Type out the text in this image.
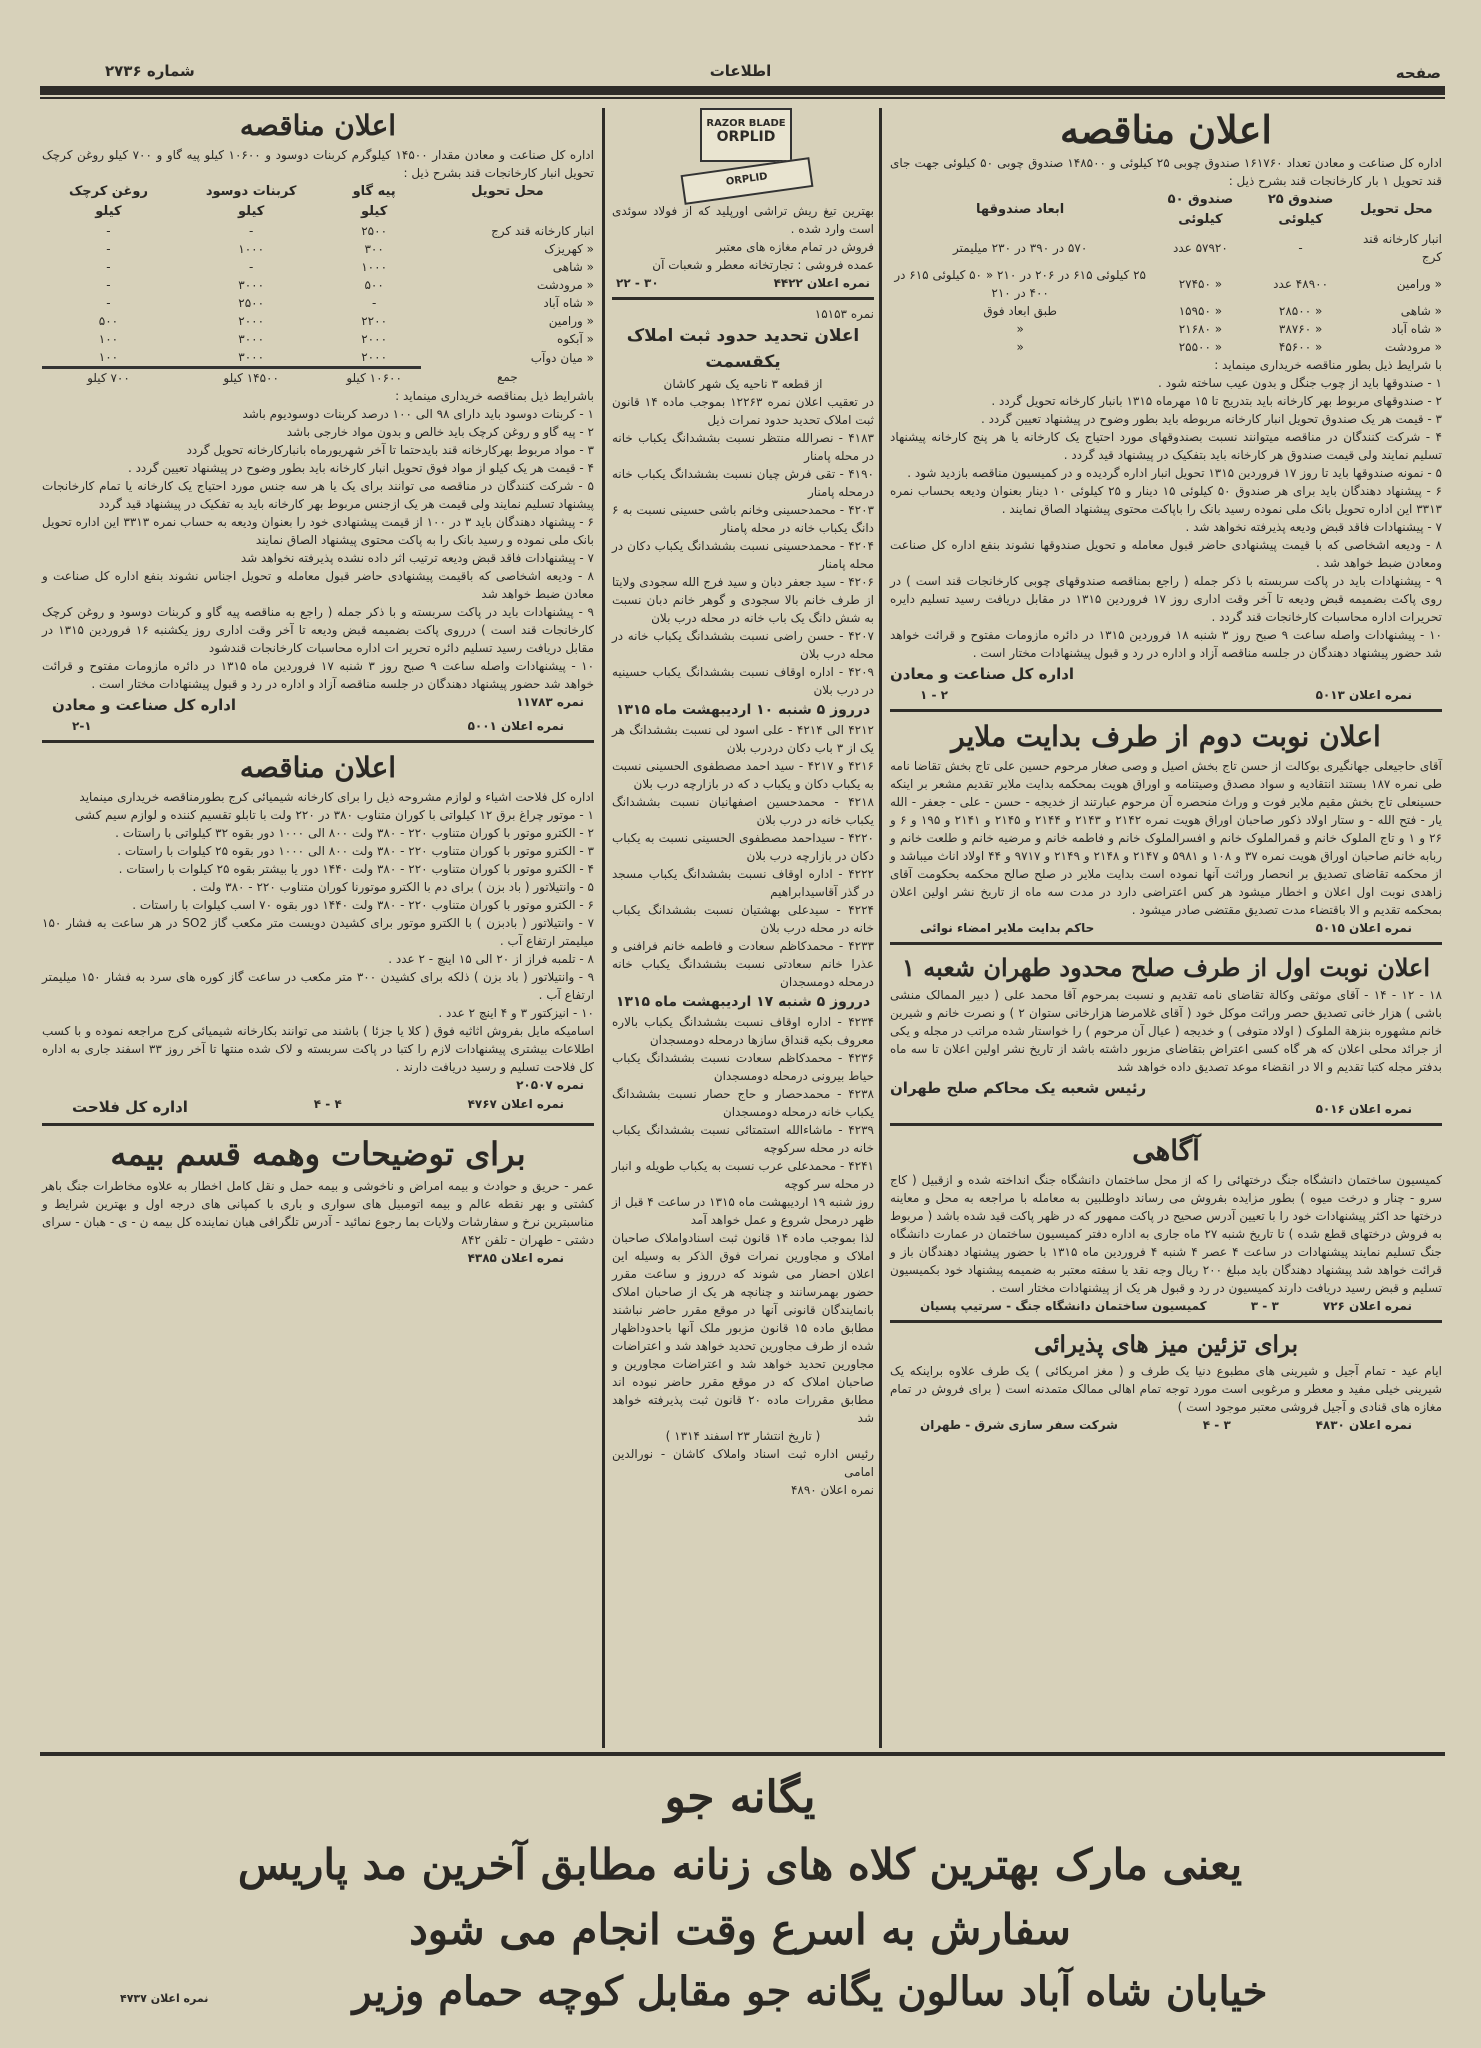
صفحه
اطلاعات
شماره ۲۷۳۶
اعلان مناقصه

اداره کل صناعت و معادن تعداد ۱۶۱۷۶۰ صندوق چوبی ۲۵ کیلوئی و ۱۴۸۵۰۰ صندوق چوبی ۵۰ کیلوئی جهت جای قند تحویل ۱ بار کارخانجات قند بشرح ذیل :

محل تحویل	صندوق ۲۵ کیلوئی	صندوق ۵۰ کیلوئی	ابعاد صندوقها
انبار کارخانه قند کرج	-	۵۷۹۲۰ عدد	۵۷۰ در ۳۹۰ در ۲۳۰ میلیمتر
« ورامین	۴۸۹۰۰ عدد	« ۲۷۴۵۰	۲۵ کیلوئی ۶۱۵ در ۲۰۶ در ۲۱۰ « ۵۰ کیلوئی ۶۱۵ در ۴۰۰ در ۲۱۰
« شاهی	« ۲۸۵۰۰	« ۱۵۹۵۰	طبق ابعاد فوق
« شاه آباد	« ۳۸۷۶۰	« ۲۱۶۸۰	«
« مرودشت	« ۴۵۶۰۰	« ۲۵۵۰۰	«

با شرایط ذیل بطور مناقصه خریداری مینماید :

۱ - صندوقها باید از چوب جنگل و بدون عیب ساخته شود .

۲ - صندوقهای مربوط بهر کارخانه باید بتدریج تا ۱۵ مهرماه ۱۳۱۵ بانبار کارخانه تحویل گردد .

۳ - قیمت هر یک صندوق تحویل انبار کارخانه مربوطه باید بطور وضوح در پیشنهاد تعیین گردد .

۴ - شرکت کنندگان در مناقصه میتوانند نسبت بصندوقهای مورد احتیاج یک کارخانه یا هر پنج کارخانه پیشنهاد تسلیم نمایند ولی قیمت صندوق هر کارخانه باید بتفکیک در پیشنهاد قید گردد .

۵ - نمونه صندوقها باید تا روز ۱۷ فروردین ۱۳۱۵ تحویل انبار اداره گردیده و در کمیسیون مناقصه بازدید شود .

۶ - پیشنهاد دهندگان باید برای هر صندوق ۵۰ کیلوئی ۱۵ دینار و ۲۵ کیلوئی ۱۰ دینار بعنوان ودیعه بحساب نمره ۳۳۱۳ این اداره تحویل بانک ملی نموده رسید بانک را باپاکت محتوی پیشنهاد الصاق نمایند .

۷ - پیشنهادات فاقد قبض ودیعه پذیرفته نخواهد شد .

۸ - ودیعه اشخاصی که با قیمت پیشنهادی حاضر قبول معامله و تحویل صندوقها نشوند بنفع اداره کل صناعت ومعادن ضبط خواهد شد .

۹ - پیشنهادات باید در پاکت سربسته با ذکر جمله ( راجع بمناقصه صندوقهای چوبی کارخانجات قند است ) در روی پاکت بضمیمه قبض ودیعه تا آخر وقت اداری روز ۱۷ فروردین ۱۳۱۵ در مقابل دریافت رسید تسلیم دایره تحریرات اداره محاسبات کارخانجات قند گردد .

۱۰ - پیشنهادات واصله ساعت ۹ صبح روز ۳ شنبه ۱۸ فروردین ۱۳۱۵ در دائره مازومات مفتوح و قرائت خواهد شد حضور پیشنهاد دهندگان در جلسه مناقصه آزاد و اداره در رد و قبول پیشنهادات مختار است .

اداره کل صناعت و معادن
نمره اعلان ۵۰۱۳
۲ - ۱
اعلان نوبت دوم از طرف بدایت ملایر

آقای حاجیعلی جهانگیری بوکالت از حسن تاج بخش اصیل و وصی صغار مرحوم حسین علی تاج بخش تقاضا نامه طی نمره ۱۸۷ بستند انتقادیه و سواد مصدق وصیتنامه و اوراق هویت بمحکمه بدایت ملایر تقدیم مشعر بر اینکه حسینعلی تاج بخش مقیم ملایر فوت و وراث منحصره آن مرحوم عبارتند از خدیجه - حسن - علی - جعفر - الله یار - فتح الله - و ستار اولاد ذکور صاحبان اوراق هویت نمره ۲۱۴۲ و ۲۱۴۳ و ۲۱۴۴ و ۲۱۴۵ و ۲۱۴۱ و ۱۹۵ و ۶ و ۲۶ و ۱ و تاج الملوک خانم و قمرالملوک خانم و افسرالملوک خانم و فاطمه خانم و مرضیه خانم و طلعت خانم و ربابه خانم صاحبان اوراق هویت نمره ۳۷ و ۱۰۸ و ۵۹۸۱ و ۲۱۴۷ و ۲۱۴۸ و ۲۱۴۹ و ۹۷۱۷ و ۴۴ اولاد اناث میباشد و از محکمه تقاضای تصدیق بر انحصار وراثت آنها نموده است بدایت ملایر در صلح صالح محکمه بحکومت آقای زاهدی نوبت اول اعلان و اخطار میشود هر کس اعتراضی دارد در مدت سه ماه از تاریخ نشر اولین اعلان بمحکمه تقدیم و الا باقتضاء مدت تصدیق مقتضی صادر میشود .

نمره اعلان ۵۰۱۵
حاکم بدایت ملایر امضاء نوائی
اعلان نوبت اول از طرف صلح محدود طهران شعبه ۱

۱۸ - ۱۲ - ۱۴ - آقای موثقی وکالة تقاضای نامه تقدیم و نسبت بمرحوم آقا محمد علی ( دبیر الممالک منشی باشی ) هزار خانی تصدیق حصر وراثت موکل خود ( آقای غلامرضا هزارخانی ستوان ۲ ) و نصرت خانم و شیرین خانم مشهوره بنزهة الملوک ( اولاد متوفی ) و خدیجه ( عیال آن مرحوم ) را خواستار شده مراتب در مجله و یکی از جرائد محلی اعلان که هر گاه کسی اعتراض بتقاضای مزبور داشته باشد از تاریخ نشر اولین اعلان تا سه ماه بدفتر مجله کتبا تقدیم و الا در انقضاء موعد تصدیق داده خواهد شد

رئیس شعبه یک محاکم صلح طهران
نمره اعلان ۵۰۱۶
آگاهی

کمیسیون ساختمان دانشگاه جنگ درختهائی را که از محل ساختمان دانشگاه جنگ انداخته شده و ازقبیل ( کاج سرو - چنار و درخت میوه ) بطور مزایده بفروش می رساند داوطلبین به معامله با مراجعه به محل و معاینه درختها حد اکثر پیشنهادات خود را با تعیین آدرس صحیح در پاکت ممهور که در ظهر پاکت قید شده باشد ( مربوط به فروش درختهای قطع شده ) تا تاریخ شنبه ۲۷ ماه جاری به اداره دفتر کمیسیون ساختمان در عمارت دانشگاه جنگ تسلیم نمایند پیشنهادات در ساعت ۴ عصر ۴ شنبه ۴ فروردین ماه ۱۳۱۵ با حضور پیشنهاد دهندگان باز و قرائت خواهد شد پیشنهاد دهندگان باید مبلغ ۲۰۰ ریال وجه نقد یا سفته معتبر به ضمیمه پیشنهاد خود بکمیسیون تسلیم و قبض رسید دریافت دارند کمیسیون در رد و قبول هر یک از پیشنهادات مختار است .

نمره اعلان ۷۲۶
۳ - ۳
کمیسیون ساختمان دانشگاه جنگ - سرتیپ پسیان
برای تزئین میز های پذیرائی

ایام عید - تمام آجیل و شیرینی های مطبوع دنیا یک طرف و ( مغز امریکائی ) یک طرف علاوه براینکه یک شیرینی خیلی مفید و معطر و مرغوبی است مورد توجه تمام اهالی ممالک متمدنه است ( برای فروش در تمام مغازه های قنادی و آجیل فروشی معتبر موجود است )

نمره اعلان ۴۸۳۰
۳ - ۴
شرکت سفر سازی شرق - طهران
RAZOR BLADE
ORPLID
ORPLID

بهترین تیغ ریش تراشی اورپلید که از فولاد سوئدی است وارد شده .

فروش در تمام مغازه های معتبر

عمده فروشی : تجارتخانه معطر و شعبات آن

نمره اعلان ۴۴۲۲
۳۰ - ۲۲

نمره ۱۵۱۵۳

اعلان تحدید حدود ثبت املاک یکقسمت

از قطعه ۳ ناحیه یک شهر کاشان

در تعقیب اعلان نمره ۱۲۲۶۳ بموجب ماده ۱۴ قانون ثبت املاک تحدید حدود نمرات ذیل

۴۱۸۳ - نصرالله منتظر نسبت بششدانگ یکباب خانه در محله پامنار

۴۱۹۰ - تقی فرش چیان نسبت بششدانگ یکباب خانه درمحله پامنار

۴۲۰۳ - محمدحسینی وخانم باشی حسینی نسبت به ۶ دانگ یکباب خانه در محله پامنار

۴۲۰۴ - محمدحسینی نسبت بششدانگ یکباب دکان در محله پامنار

۴۲۰۶ - سید جعفر دبان و سید فرج الله سجودی ولایتا از طرف خانم بالا سجودی و گوهر خانم دبان نسبت به شش دانگ یک باب خانه در محله درب بلان

۴۲۰۷ - حسن راضی نسبت بششدانگ یکباب خانه در محله درب بلان

۴۲۰۹ - اداره اوقاف نسبت بششدانگ یکباب حسینیه در درب بلان

درروز ۵ شنبه ۱۰ اردیبهشت ماه ۱۳۱۵

۴۲۱۲ الی ۴۲۱۴ - علی اسود لی نسبت بششدانگ هر یک از ۳ باب دکان دردرب بلان

۴۲۱۶ و ۴۲۱۷ - سید احمد مصطفوی الحسینی نسبت به یکباب دکان و یکباب د که در بازارچه درب بلان

۴۲۱۸ - محمدحسین اصفهانیان نسبت بششدانگ یکباب خانه در درب بلان

۴۲۲۰ - سیداحمد مصطفوی الحسینی نسبت به یکباب دکان در بازارچه درب بلان

۴۲۲۲ - اداره اوقاف نسبت بششدانگ یکباب مسجد در گذر آقاسیدابراهیم

۴۲۲۴ - سیدعلی بهشتیان نسبت بششدانگ یکباب خانه در محله درب بلان

۴۲۳۳ - محمدکاظم سعادت و فاطمه خانم فرافنی و عذرا خانم سعادتی نسبت بششدانگ یکباب خانه درمحله دومسجدان

درروز ۵ شنبه ۱۷ اردیبهشت ماه ۱۳۱۵

۴۲۳۴ - اداره اوقاف نسبت بششدانگ یکباب بالاره معروف بکیه قنداق سازها درمحله دومسجدان

۴۲۳۶ - محمدکاظم سعادت نسبت بششدانگ یکباب حیاط بیرونی درمحله دومسجدان

۴۲۳۸ - محمدحصار و حاج حصار نسبت بششدانگ یکباب خانه درمحله دومسجدان

۴۲۳۹ - ماشاءالله استمتائی نسبت بششدانگ یکباب خانه در محله سرکوچه

۴۲۴۱ - محمدعلی عرب نسبت به یکباب طویله و انبار در محله سر کوچه

روز شنبه ۱۹ اردیبهشت ماه ۱۳۱۵ در ساعت ۴ قبل از ظهر درمحل شروع و عمل خواهد آمد

لذا بموجب ماده ۱۴ قانون ثبت اسنادواملاک صاحبان املاک و مجاورین نمرات فوق الذکر به وسیله این اعلان احضار می شوند که درروز و ساعت مقرر حضور بهمرسانند و چنانچه هر یک از صاحبان املاک بانمایندگان قانونی آنها در موقع مقرر حاضر نباشند مطابق ماده ۱۵ قانون مزبور ملک آنها باحدوداظهار شده از طرف مجاورین تحدید خواهد شد و اعتراضات مجاورین تحدید خواهد شد و اعتراضات مجاورین و صاحبان املاک که در موقع مقرر حاضر نبوده اند مطابق مقررات ماده ۲۰ قانون ثبت پذیرفته خواهد شد

( تاریخ انتشار ۲۳ اسفند ۱۳۱۴ )

رئیس اداره ثبت اسناد واملاک کاشان - نورالدین امامی

نمره اعلان ۴۸۹۰

اعلان مناقصه

اداره کل صناعت و معادن مقدار ۱۴۵۰۰ کیلوگرم کربنات دوسود و ۱۰۶۰۰ کیلو پیه گاو و ۷۰۰ کیلو روغن کرچک تحویل انبار کارخانجات قند بشرح ذیل :

محل تحویل	پیه گاو	کربنات دوسود	روغن کرچک
	کیلو	کیلو	کیلو
انبار کارخانه قند کرج	۲۵۰۰	-	-
« کهریزک	۳۰۰	۱۰۰۰	-
« شاهی	۱۰۰۰	-	-
« مرودشت	۵۰۰	۳۰۰۰	-
« شاه آباد	-	۲۵۰۰	-
« ورامین	۲۲۰۰	۲۰۰۰	۵۰۰
« آبکوه	۲۰۰۰	۳۰۰۰	۱۰۰
« میان دوآب	۲۰۰۰	۳۰۰۰	۱۰۰
جمع	۱۰۶۰۰ کیلو	۱۴۵۰۰ کیلو	۷۰۰ کیلو

باشرایط ذیل بمناقصه خریداری مینماید :

۱ - کربنات دوسود باید دارای ۹۸ الی ۱۰۰ درصد کربنات دوسودیوم باشد

۲ - پیه گاو و روغن کرچک باید خالص و بدون مواد خارجی باشد

۳ - مواد مربوط بهرکارخانه قند بایدحتما تا آخر شهریورماه بانبارکارخانه تحویل گردد

۴ - قیمت هر یک کیلو از مواد فوق تحویل انبار کارخانه باید بطور وضوح در پیشنهاد تعیین گردد .

۵ - شرکت کنندگان در مناقصه می توانند برای یک یا هر سه جنس مورد احتیاج یک کارخانه یا تمام کارخانجات پیشنهاد تسلیم نمایند ولی قیمت هر یک ازجنس مربوط بهر کارخانه باید به تفکیک در پیشنهاد قید گردد

۶ - پیشنهاد دهندگان باید ۳ در ۱۰۰ از قیمت پیشنهادی خود را بعنوان ودیعه به حساب نمره ۳۳۱۳ این اداره تحویل بانک ملی نموده و رسید بانک را به پاکت محتوی پیشنهاد الصاق نمایند

۷ - پیشنهادات فاقد قبض ودیعه ترتیب اثر داده نشده پذیرفته نخواهد شد

۸ - ودیعه اشخاصی که باقیمت پیشنهادی حاضر قبول معامله و تحویل اجناس نشوند بنفع اداره کل صناعت و معادن ضبط خواهد شد

۹ - پیشنهادات باید در پاکت سربسته و با ذکر جمله ( راجع به مناقصه پیه گاو و کربنات دوسود و روغن کرچک کارخانجات قند است ) درروی پاکت بضمیمه قبض ودیعه تا آخر وقت اداری روز یکشنبه ۱۶ فروردین ۱۳۱۵ در مقابل دریافت رسید تسلیم دائره تحریر ات اداره محاسبات کارخانجات قندشود

۱۰ - پیشنهادات واصله ساعت ۹ صبح روز ۳ شنبه ۱۷ فروردین ماه ۱۳۱۵ در دائره مازومات مفتوح و قرائت خواهد شد حضور پیشنهاد دهندگان در جلسه مناقصه آزاد و اداره در رد و قبول پیشنهادات مختار است .

نمره ۱۱۷۸۳
اداره کل صناعت و معادن
نمره اعلان ۵۰۰۱
۲-۱
اعلان مناقصه

اداره کل فلاحت اشیاء و لوازم مشروحه ذیل را برای کارخانه شیمیائی کرج بطورمناقصه خریداری مینماید

۱ - موتور چراغ برق ۱۲ کیلواتی با کوران متناوب ۳۸۰ در ۲۲۰ ولت با تابلو تقسیم کننده و لوازم سیم کشی

۲ - الکترو موتور با کوران متناوب ۲۲۰ - ۳۸۰ ولت ۸۰۰ الی ۱۰۰۰ دور بقوه ۳۲ کیلواتی با راستات .

۳ - الکترو موتور با کوران متناوب ۲۲۰ - ۳۸۰ ولت ۸۰۰ الی ۱۰۰۰ دور بقوه ۲۵ کیلوات با راستات .

۴ - الکترو موتور با کوران متناوب ۲۲۰ - ۳۸۰ ولت ۱۴۴۰ دور یا بیشتر بقوه ۲۵ کیلوات با راستات .

۵ - وانتیلاتور ( باد بزن ) برای دم با الکترو موتورنا کوران متناوب ۲۲۰ - ۳۸۰ ولت .

۶ - الکترو موتور با کوران متناوب ۲۲۰ - ۳۸۰ ولت ۱۴۴۰ دور بقوه ۷۰ اسب کیلوات با راستات .

۷ - وانتیلاتور ( بادبزن ) با الکترو موتور برای کشیدن دویست متر مکعب گاز SO2 در هر ساعت به فشار ۱۵۰ میلیمتر ارتفاع آب .

۸ - تلمبه فراز از ۲۰ الی ۱۵ اینچ - ۲ عدد .

۹ - وانتیلاتور ( باد بزن ) ذلکه برای کشیدن ۳۰۰ متر مکعب در ساعت گاز کوره های سرد به فشار ۱۵۰ میلیمتر ارتفاع آب .

۱۰ - انیزکتور ۳ و ۴ اینچ ۲ عدد .

اسامیکه مایل بفروش اثاثیه فوق ( کلا یا جزئا ) باشند می توانند بکارخانه شیمیائی کرج مراجعه نموده و با کسب اطلاعات بیشتری پیشنهادات لازم را کتبا در پاکت سربسته و لاک شده منتها تا آخر روز ۳۳ اسفند جاری به اداره کل فلاحت تسلیم و رسید دریافت دارند .

نمره ۲۰۵۰۷
نمره اعلان ۴۷۶۷
۴ - ۴
اداره کل فلاحت
برای توضیحات وهمه قسم بیمه

عمر - حریق و حوادث و بیمه امراض و ناخوشی و بیمه حمل و نقل کامل اخطار به علاوه مخاطرات جنگ باهر کشتی و بهر نقطه عالم و بیمه اتومبیل های سواری و باری با کمپانی های درجه اول و بهترین شرایط و مناسبترین نرخ و سفارشات ولایات بما رجوع نمائید - آدرس تلگرافی هبان نماینده کل بیمه ن - ی - هبان - سرای دشتی - طهران - تلفن ۸۴۲

نمره اعلان ۴۳۸۵
یگانه جو
یعنی مارک بهترین کلاه های زنانه مطابق آخرین مد پاریس
سفارش به اسرع وقت انجام می شود
خیابان شاه آباد سالون یگانه جو مقابل کوچه حمام وزیر
نمره اعلان ۴۷۳۷
